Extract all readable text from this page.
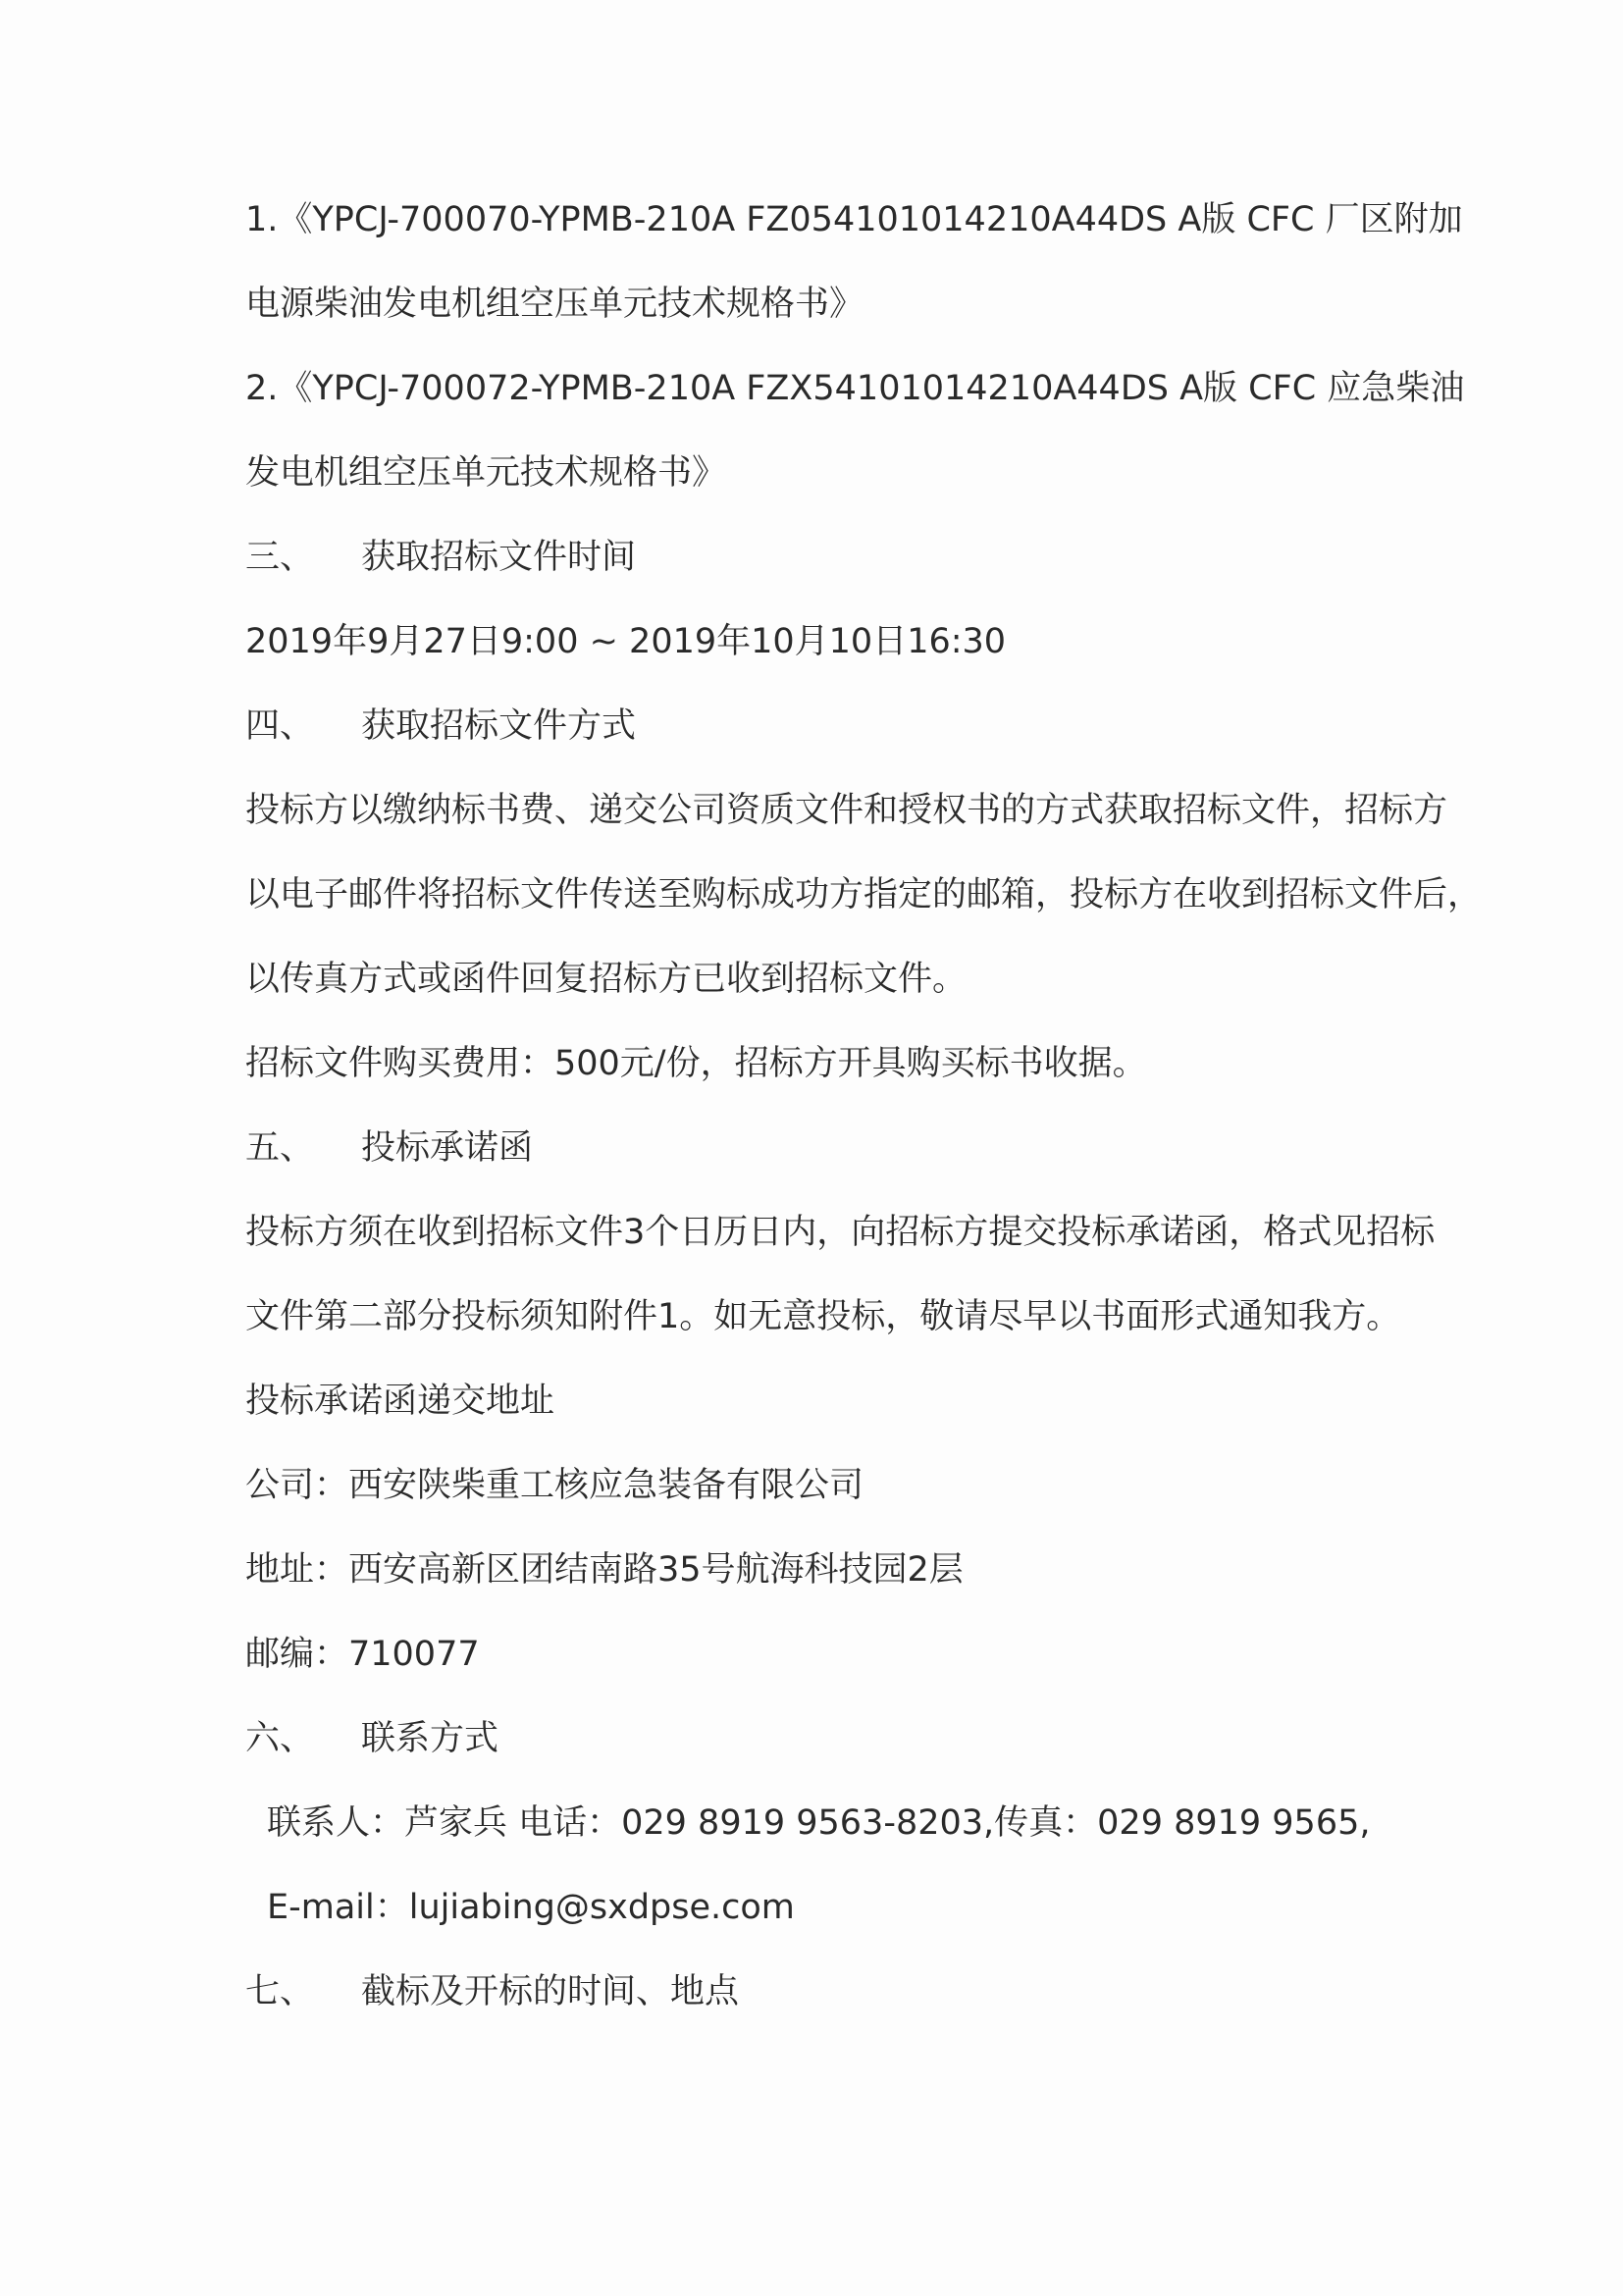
1.《YPCJ-700070-YPMB-210A FZ054101014210A44DS A版 CFC 厂区附加
电源柴油发电机组空压单元技术规格书》
2.《YPCJ-700072-YPMB-210A FZX54101014210A44DS A版 CFC 应急柴油
发电机组空压单元技术规格书》
三、 获取招标文件时间
2019年9月27日9:00 ~ 2019年10月10日16:30
四、 获取招标文件方式
投标方以缴纳标书费、递交公司资质文件和授权书的方式获取招标文件，招标方
以电子邮件将招标文件传送至购标成功方指定的邮箱，投标方在收到招标文件后，
以传真方式或函件回复招标方已收到招标文件。
招标文件购买费用：500元/份，招标方开具购买标书收据。
五、 投标承诺函
投标方须在收到招标文件3个日历日内，向招标方提交投标承诺函，格式见招标
文件第二部分投标须知附件1。如无意投标，敬请尽早以书面形式通知我方。
投标承诺函递交地址
公司：西安陕柴重工核应急装备有限公司
地址：西安高新区团结南路35号航海科技园2层
邮编：710077
六、 联系方式
联系人：芦家兵 电话：029 8919 9563-8203,传真：029 8919 9565,
E-mail：lujiabing@sxdpse.com
七、 截标及开标的时间、地点
